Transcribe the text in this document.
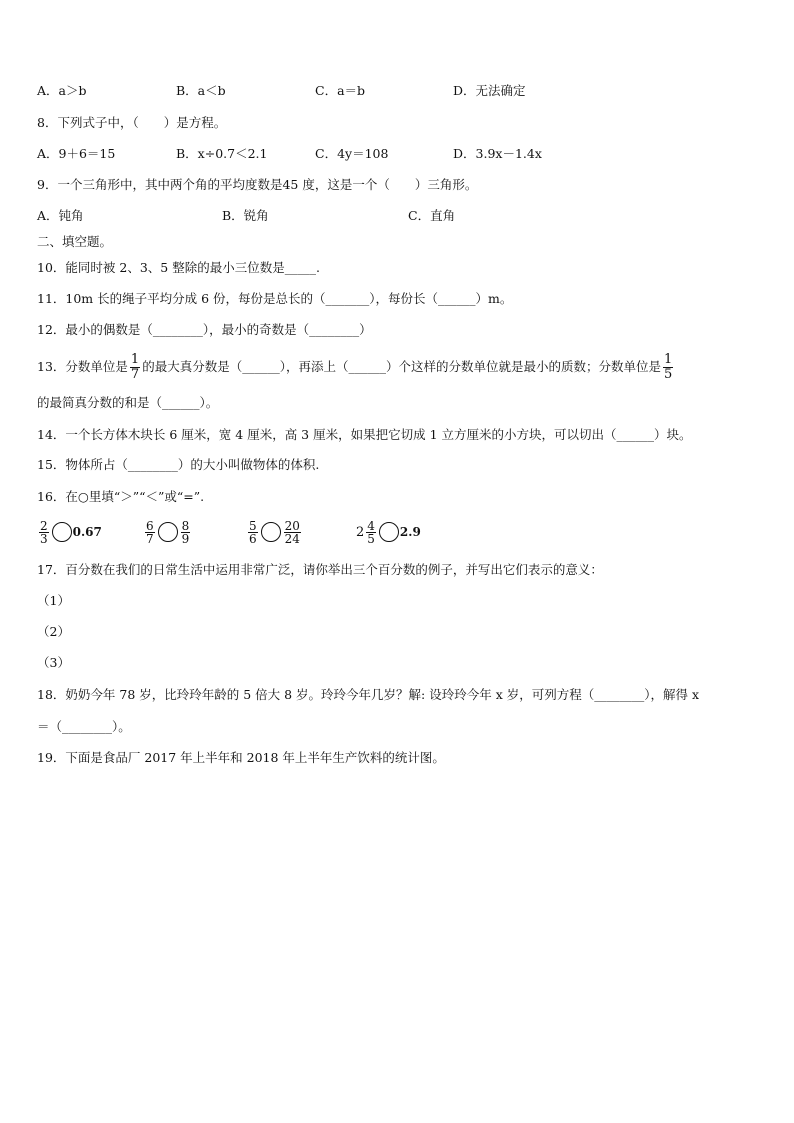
A．a＞b	B．a＜b	C．a＝b	D．无法确定
8．下列式子中，（　　）是方程。
A．9＋6＝15	B．x÷0.7＜2.1	C．4y＝108	D．3.9x－1.4x
9．一个三角形中，其中两个角的平均度数是45 度，这是一个（　　）三角形。
A．钝角	B．锐角	C．直角
二、填空题。
10．能同时被 2、3、5 整除的最小三位数是_____.
11．10m 长的绳子平均分成 6 份，每份是总长的（_______），每份长（______）m。
12．最小的偶数是（________），最小的奇数是（________）
13．分数单位是 $\frac{1}{7}$ 的最大真分数是（______），再添上（______）个这样的分数单位就是最小的质数；分数单位是 $\frac{1}{5}$
的最简真分数的和是（______）。
14．一个长方体木块长 6 厘米，宽 4 厘米，高 3 厘米，如果把它切成 1 立方厘米的小方块，可以切出（______）块。
15．物体所占（________）的大小叫做物体的体积.
16．在○里填“＞”“＜”或“=”.
$\frac{2}{3} 0.67$	$\frac{6}{7} \frac{8}{9}$	$\frac{5}{6} \frac{20}{24}$	$2 \frac{4}{5} 2.9$
17．百分数在我们的日常生活中运用非常广泛，请你举出三个百分数的例子，并写出它们表示的意义：
（1）
（2）
（3）
18．奶奶今年 78 岁，比玲玲年龄的 5 倍大 8 岁。玲玲今年几岁？解: 设玲玲今年 x 岁，可列方程（________），解得 x
＝（________）。
19．下面是食品厂 2017 年上半年和 2018 年上半年生产饮料的统计图。
